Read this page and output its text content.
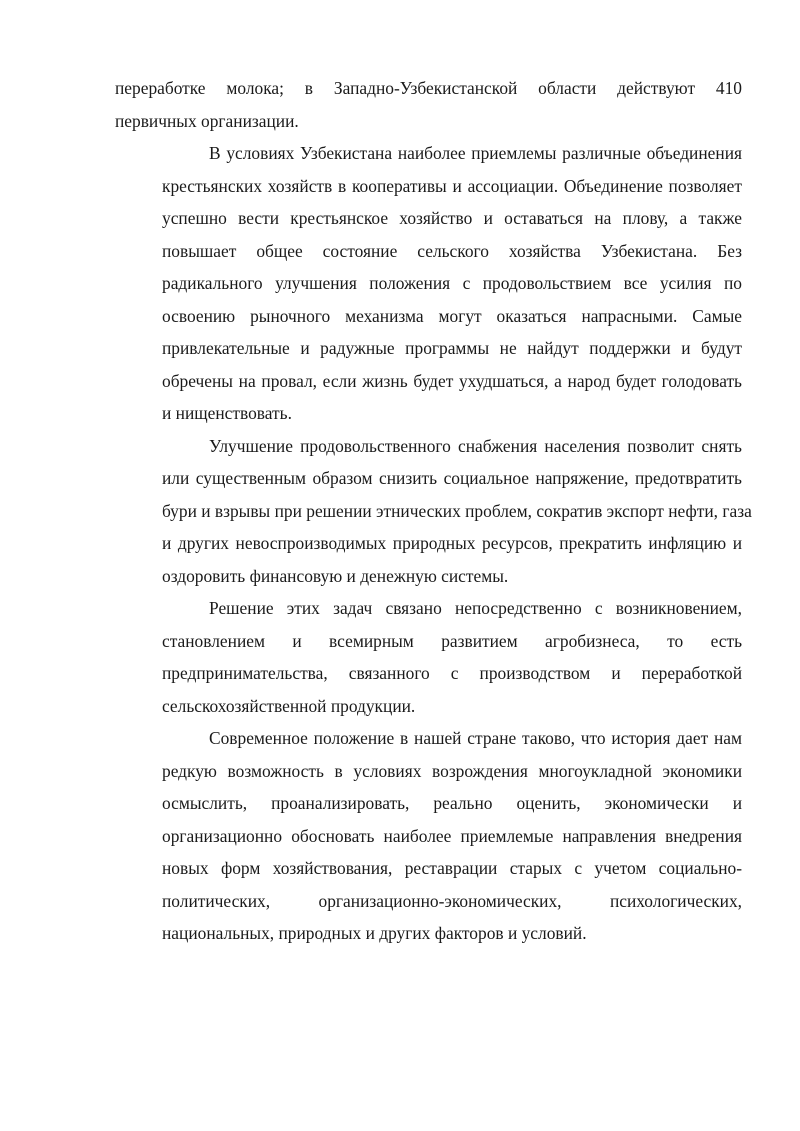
переработке молока; в Западно-Узбекистанской области действуют 410
первичных организации.
В условиях Узбекистана наиболее приемлемы различные объединения
крестьянских хозяйств в кооперативы и ассоциации. Объединение позволяет
успешно вести крестьянское хозяйство и оставаться на плову, а также
повышает общее состояние сельского хозяйства Узбекистана. Без
радикального улучшения положения с продовольствием все усилия по
освоению рыночного механизма могут оказаться напрасными. Самые
привлекательные и радужные программы не найдут поддержки и будут
обречены на провал, если жизнь будет ухудшаться, а народ будет голодовать
и нищенствовать.
Улучшение продовольственного снабжения населения позволит снять
или существенным образом снизить социальное напряжение, предотвратить
бури и взрывы при решении этнических проблем, сократив экспорт нефти, газа
и других невоспроизводимых природных ресурсов, прекратить инфляцию и
оздоровить финансовую и денежную системы.
Решение этих задач связано непосредственно с возникновением,
становлением и всемирным развитием агробизнеса, то есть
предпринимательства, связанного с производством и переработкой
сельскохозяйственной продукции.
Современное положение в нашей стране таково, что история дает нам
редкую возможность в условиях возрождения многоукладной экономики
осмыслить, проанализировать, реально оценить, экономически и
организационно обосновать наиболее приемлемые направления внедрения
новых форм хозяйствования, реставрации старых с учетом социально-
политических, организационно-экономических, психологических,
национальных, природных и других факторов и условий.
